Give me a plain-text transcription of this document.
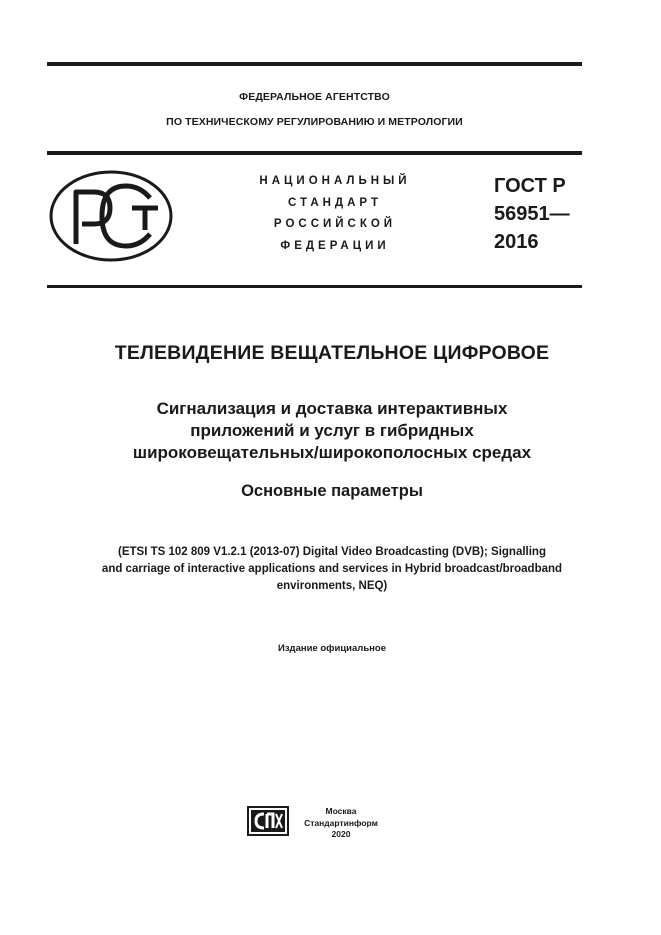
ФЕДЕРАЛЬНОЕ АГЕНТСТВО
ПО ТЕХНИЧЕСКОМУ РЕГУЛИРОВАНИЮ И МЕТРОЛОГИИ
НАЦИОНАЛЬНЫЙ
СТАНДАРТ
РОССИЙСКОЙ
ФЕДЕРАЦИИ
ГОСТ Р
56951—
2016
ТЕЛЕВИДЕНИЕ ВЕЩАТЕЛЬНОЕ ЦИФРОВОЕ
Сигнализация и доставка интерактивных
приложений и услуг в гибридных
широковещательных/широкополосных средах
Основные параметры
(ETSI TS 102 809 V1.2.1 (2013-07) Digital Video Broadcasting (DVB); Signalling
and carriage of interactive applications and services in Hybrid broadcast/broadband
environments, NEQ)
Издание официальное
Москва
Стандартинформ
2020
